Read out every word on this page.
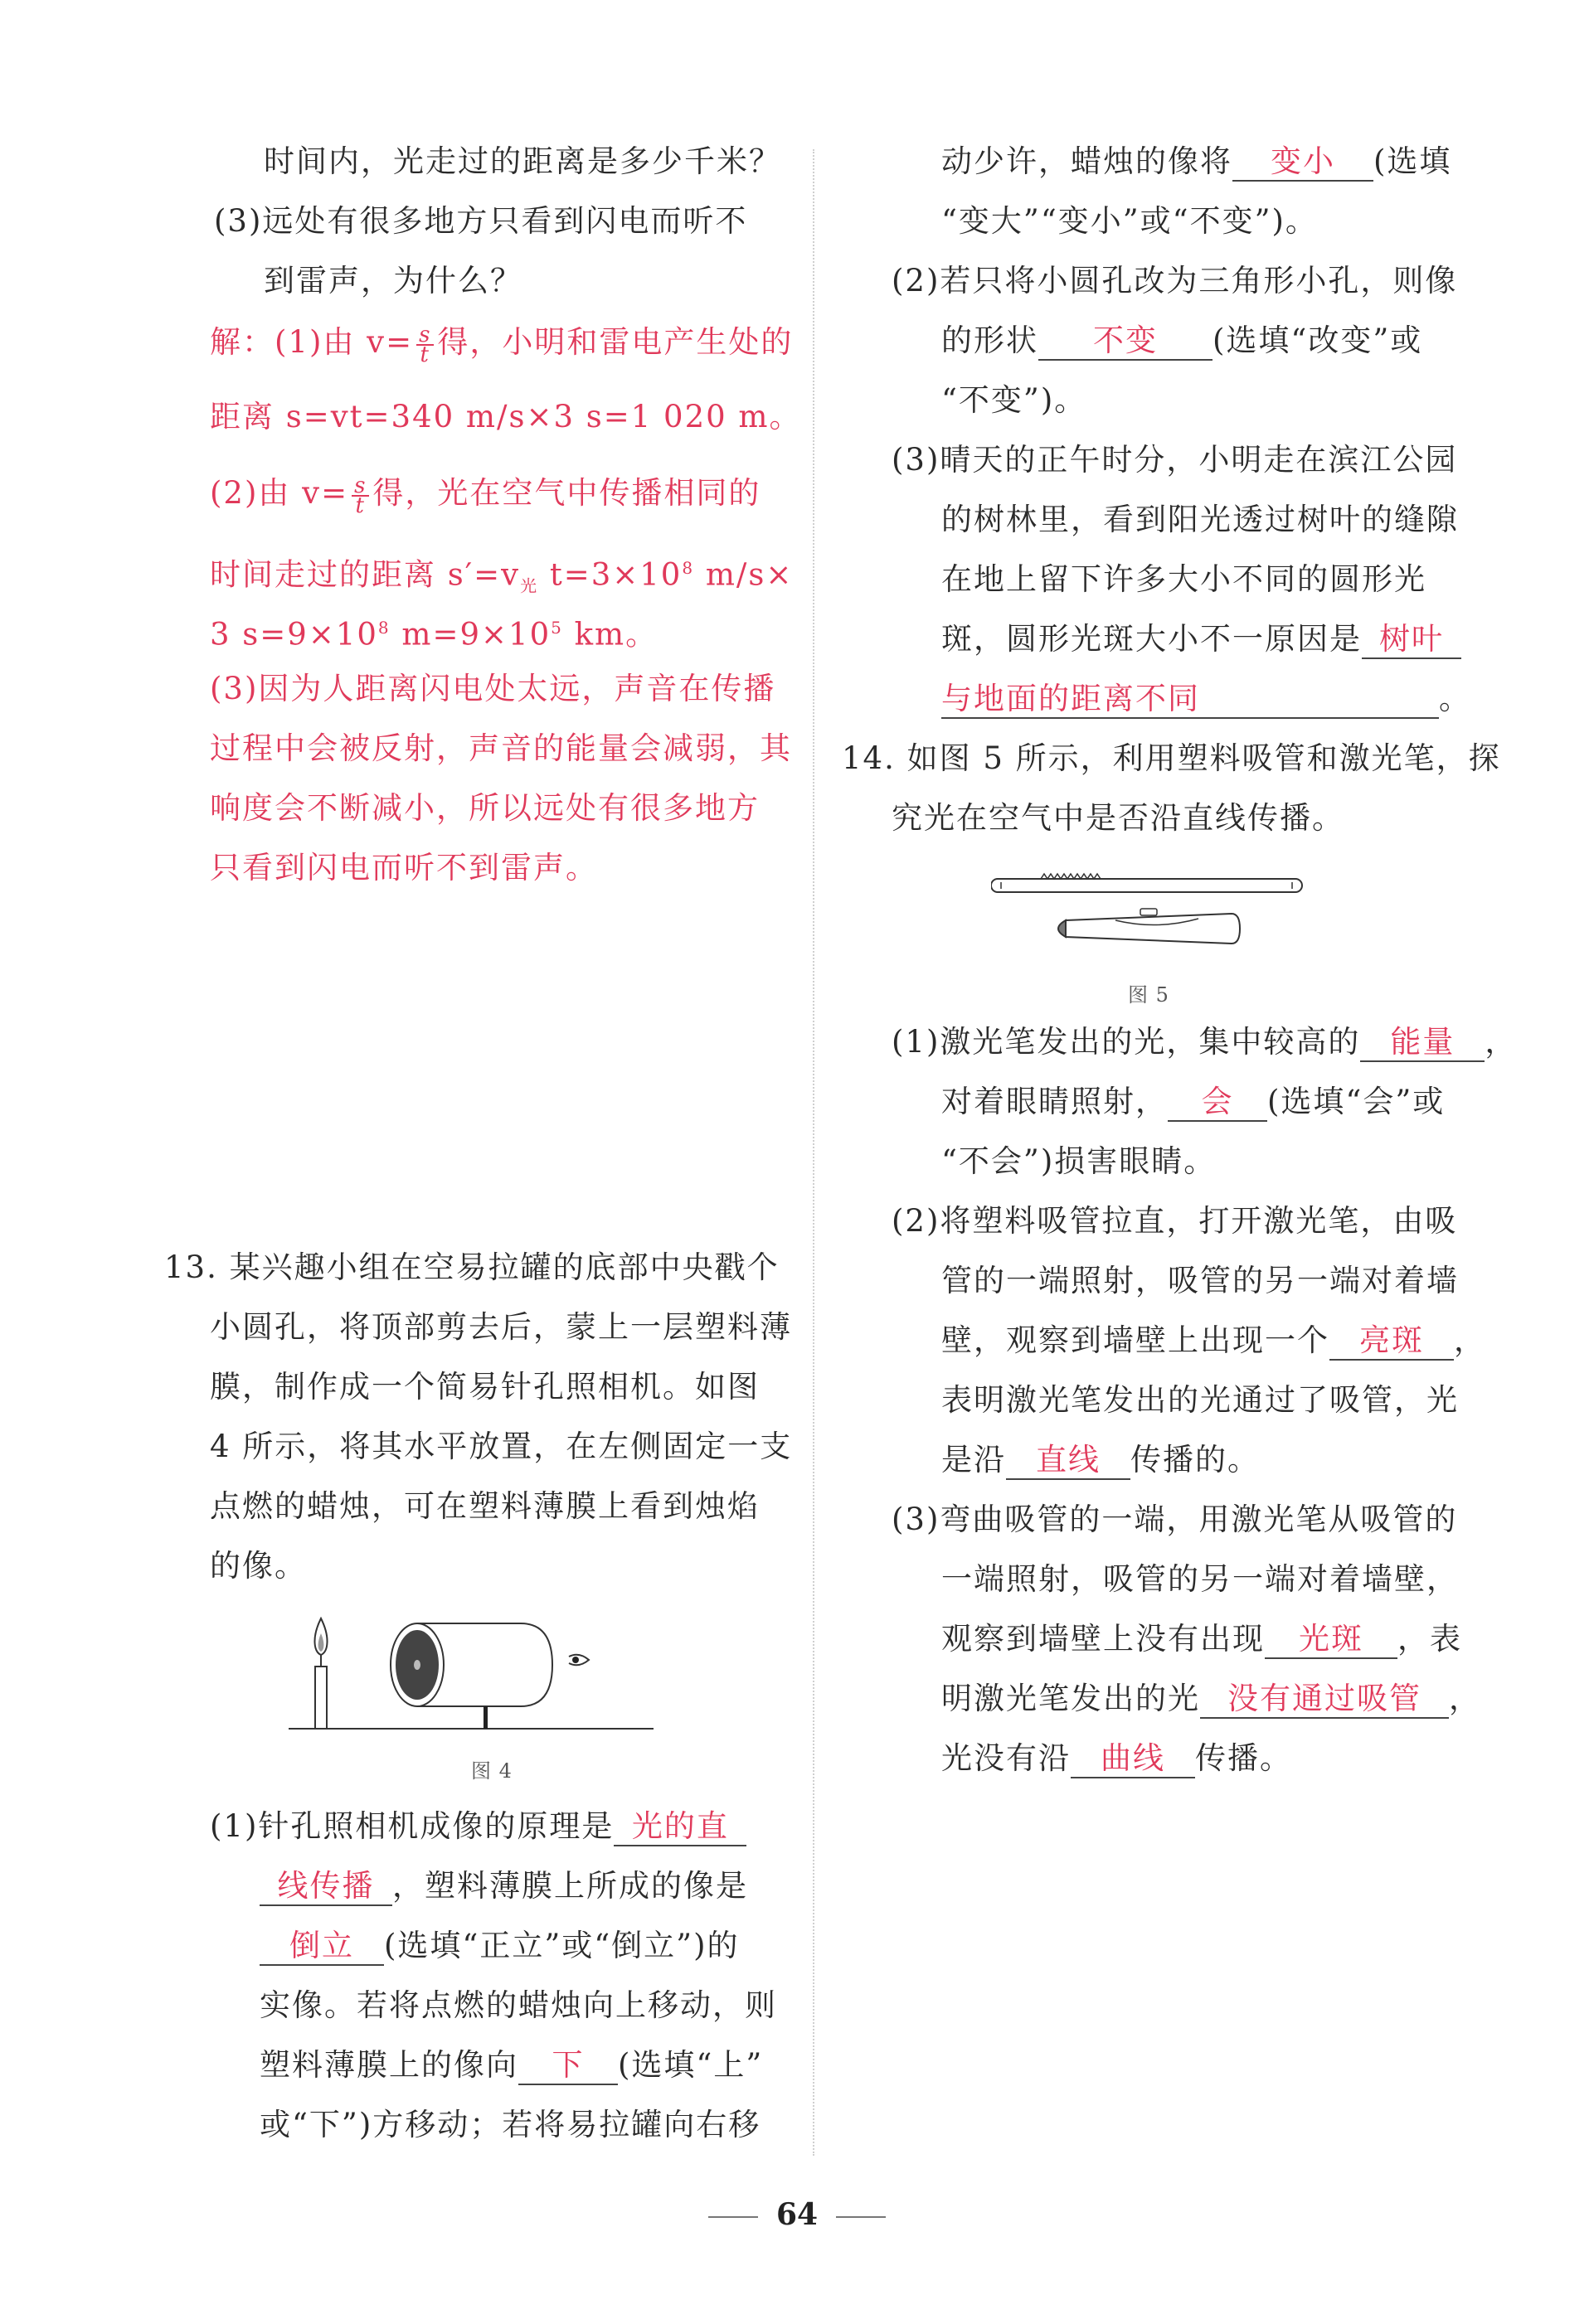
时间内，光走过的距离是多少千米？
(3)远处有很多地方只看到闪电而听不
到雷声，为什么？
解：(1)由 $v= \frac{s}{t}$ 得，小明和雷电产生处的
距离 s=vt=340 m/s×3 s=1 020 m。
(2)由 $v= \frac{s}{t}$ 得，光在空气中传播相同的
时间走过的距离 $s'=v_光$ $t=3\times 10^8$ m/s×
3 $s=9\times 10^8$ $m=9\times 10^5$ km。
(3)因为人距离闪电处太远，声音在传播
过程中会被反射，声音的能量会减弱，其
响度会不断减小，所以远处有很多地方
只看到闪电而听不到雷声。
13. 某兴趣小组在空易拉罐的底部中央戳个
小圆孔，将顶部剪去后，蒙上一层塑料薄
膜，制作成一个简易针孔照相机。如图
4 所示，将其水平放置，在左侧固定一支
点燃的蜡烛，可在塑料薄膜上看到烛焰
的像。
图 4
(1)针孔照相机成像的原理是 光的直
线传播 ，塑料薄膜上所成的像是
倒立 (选填“正立”或“倒立”)的
实像。若将点燃的蜡烛向上移动，则
塑料薄膜上的像向 下 (选填“上”
或“下”)方移动；若将易拉罐向右移
动少许，蜡烛的像将 变小 (选填
“变大”“变小”或“不变”)。
(2)若只将小圆孔改为三角形小孔，则像
的形状 不变 (选填“改变”或
“不变”)。
(3)晴天的正午时分，小明走在滨江公园
的树林里，看到阳光透过树叶的缝隙
在地上留下许多大小不同的圆形光
斑，圆形光斑大小不一原因是 树叶
与地面的距离不同	。
14. 如图 5 所示，利用塑料吸管和激光笔，探
究光在空气中是否沿直线传播。
图 5
(1)激光笔发出的光，集中较高的 能量 ，
对着眼睛照射， 会 (选填“会”或
“不会”)损害眼睛。
(2)将塑料吸管拉直，打开激光笔，由吸
管的一端照射，吸管的另一端对着墙
壁，观察到墙壁上出现一个 亮斑 ，
表明激光笔发出的光通过了吸管，光
是沿 直线 传播的。
(3)弯曲吸管的一端，用激光笔从吸管的
一端照射，吸管的另一端对着墙壁，
观察到墙壁上没有出现 光斑 ，表
明激光笔发出的光 没有通过吸管 ，
光没有沿 曲线 传播。
64
